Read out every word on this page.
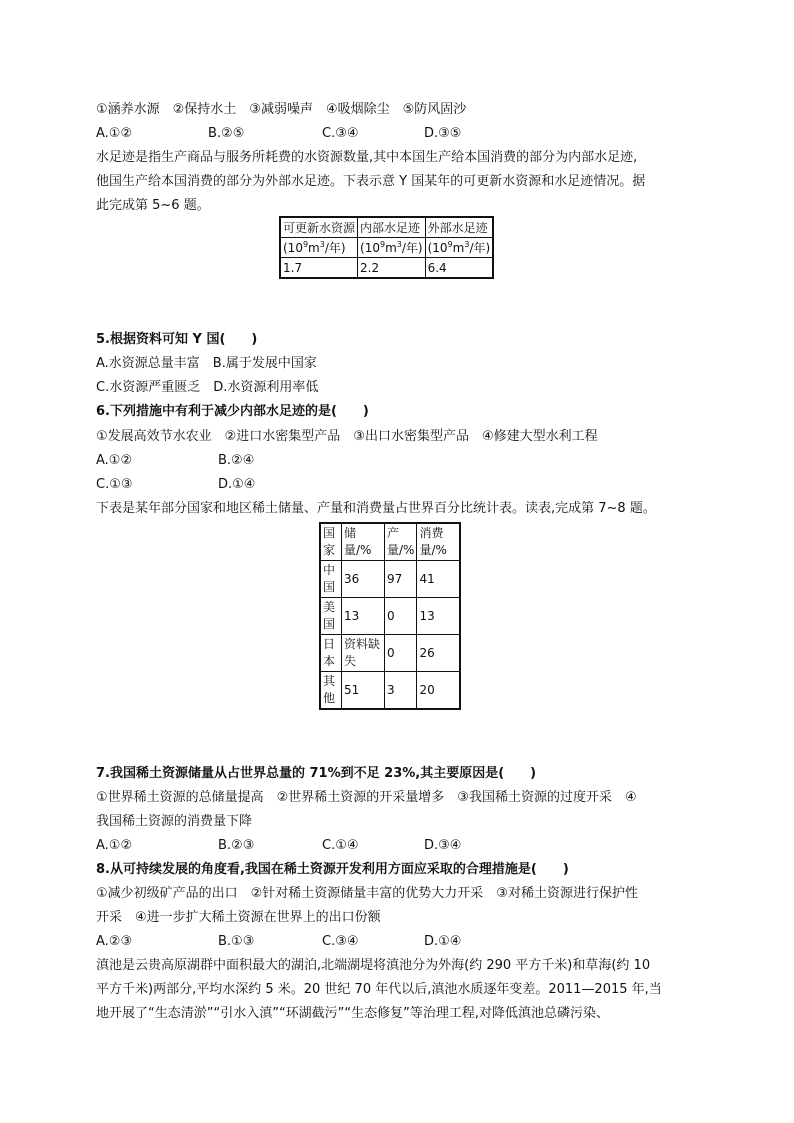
①涵养水源　②保持水土　③减弱噪声　④吸烟除尘　⑤防风固沙
A.①②	B.②⑤	C.③④	D.③⑤
水足迹是指生产商品与服务所耗费的水资源数量,其中本国生产给本国消费的部分为内部水足迹,
他国生产给本国消费的部分为外部水足迹。下表示意 Y 国某年的可更新水资源和水足迹情况。据
此完成第 5~6 题。
可更新水资源	内部水足迹	外部水足迹
($10^9m^3/$年)	($10^9m^3/$年)	($10^9m^3/$年)
1.7	2.2	6.4
5.根据资料可知 Y 国(　　)
A.水资源总量丰富　B.属于发展中国家
C.水资源严重匮乏　D.水资源利用率低
6.下列措施中有利于减少内部水足迹的是(　　)
①发展高效节水农业　②进口水密集型产品　③出口水密集型产品　④修建大型水利工程
A.①②	B.②④
C.①③	D.①④
下表是某年部分国家和地区稀土储量、产量和消费量占世界百分比统计表。读表,完成第 7~8 题。
国家	储量/%	产量/%	消费量/%
中国	36	97	41
美国	13	0	13
日本	资料缺失	0	26
其他	51	3	20
7.我国稀土资源储量从占世界总量的 71%到不足 23%,其主要原因是(　　)
①世界稀土资源的总储量提高　②世界稀土资源的开采量增多　③我国稀土资源的过度开采　④
我国稀土资源的消费量下降
A.①②	B.②③	C.①④	D.③④
8.从可持续发展的角度看,我国在稀土资源开发利用方面应采取的合理措施是(　　)
①减少初级矿产品的出口　②针对稀土资源储量丰富的优势大力开采　③对稀土资源进行保护性
开采　④进一步扩大稀土资源在世界上的出口份额
A.②③	B.①③	C.③④	D.①④
滇池是云贵高原湖群中面积最大的湖泊,北端湖堤将滇池分为外海(约 290 平方千米)和草海(约 10
平方千米)两部分,平均水深约 5 米。20 世纪 70 年代以后,滇池水质逐年变差。2011—2015 年,当
地开展了“生态清淤”“引水入滇”“环湖截污”“生态修复”等治理工程,对降低滇池总磷污染、
